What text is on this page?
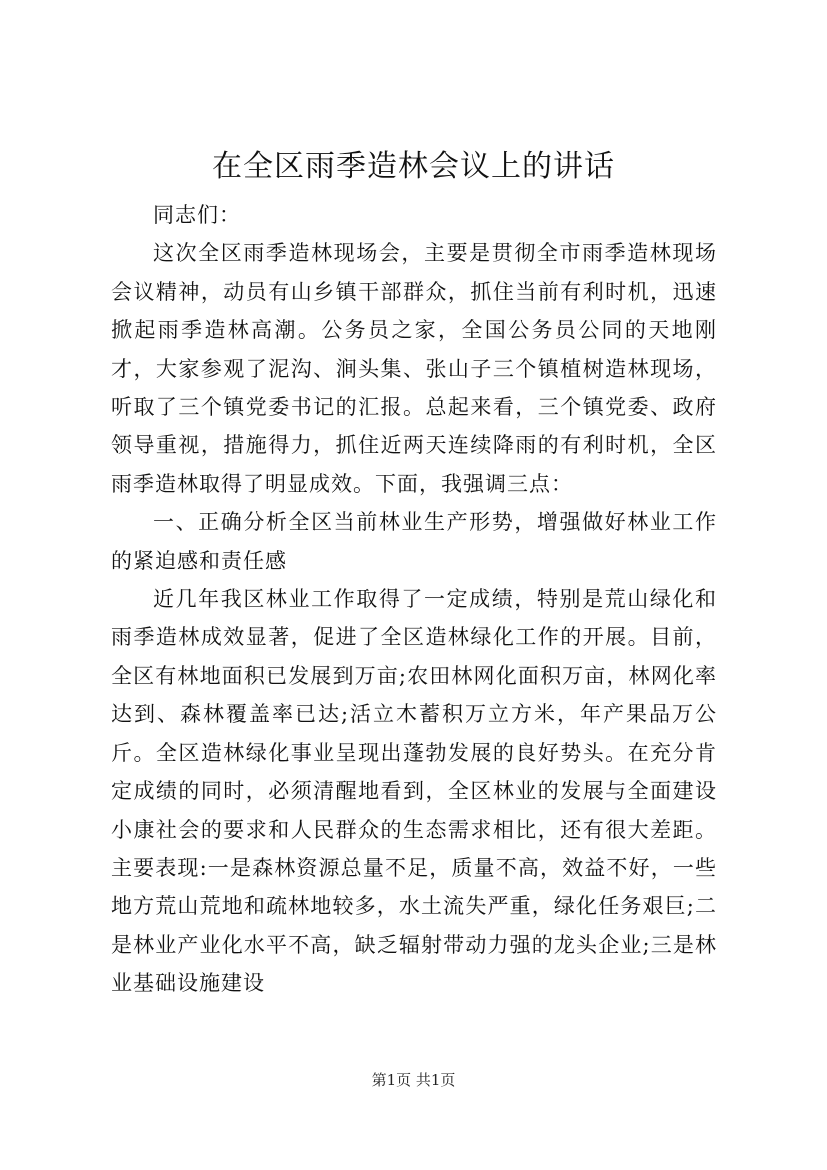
在全区雨季造林会议上的讲话

同志们：

这次全区雨季造林现场会，主要是贯彻全市雨季造林现场会议精神，动员有山乡镇干部群众，抓住当前有利时机，迅速掀起雨季造林高潮。公务员之家，全国公务员公同的天地刚才，大家参观了泥沟、涧头集、张山子三个镇植树造林现场，听取了三个镇党委书记的汇报。总起来看，三个镇党委、政府领导重视，措施得力，抓住近两天连续降雨的有利时机，全区雨季造林取得了明显成效。下面，我强调三点：

一、正确分析全区当前林业生产形势，增强做好林业工作的紧迫感和责任感

近几年我区林业工作取得了一定成绩，特别是荒山绿化和雨季造林成效显著，促进了全区造林绿化工作的开展。目前，全区有林地面积已发展到万亩;农田林网化面积万亩，林网化率达到、森林覆盖率已达;活立木蓄积万立方米，年产果品万公斤。全区造林绿化事业呈现出蓬勃发展的良好势头。在充分肯定成绩的同时，必须清醒地看到，全区林业的发展与全面建设小康社会的要求和人民群众的生态需求相比，还有很大差距。主要表现:一是森林资源总量不足，质量不高，效益不好，一些地方荒山荒地和疏林地较多，水土流失严重，绿化任务艰巨;二是林业产业化水平不高，缺乏辐射带动力强的龙头企业;三是林业基础设施建设

第1页 共1页
